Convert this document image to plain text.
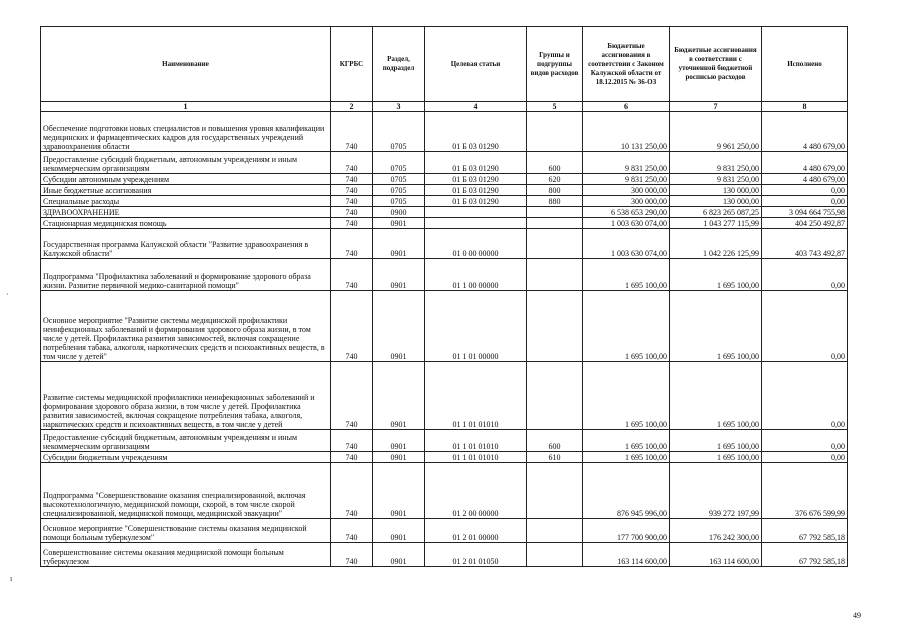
·
ı
Наименование	КГРБС	Раздел, подраздел	Целевая статьи	Группы и подгруппы видов расходов	Бюджетные ассигнования в соответствии с Законом Калужской области от 18.12.2015 № 36-ОЗ	Бюджетные ассигнования в соответствии с уточненной бюджетной росписью расходов	Исполнено
1	2	3	4	5	6	7	8
Обеспечение подготовки новых специалистов и повышения уровня квалификации медицинских и фармацевтических кадров для государственных учреждений здравоохранения области	740	0705	01 Б 03 01290		10 131 250,00	9 961 250,00	4 480 679,00
Предоставление субсидий бюджетным, автономным учреждениям и иным некоммерческим организациям	740	0705	01 Б 03 01290	600	9 831 250,00	9 831 250,00	4 480 679,00
Субсидии автономным учреждениям	740	0705	01 Б 03 01290	620	9 831 250,00	9 831 250,00	4 480 679,00
Иные бюджетные ассигнования	740	0705	01 Б 03 01290	800	300 000,00	130 000,00	0,00
Специальные расходы	740	0705	01 Б 03 01290	880	300 000,00	130 000,00	0,00
ЗДРАВООХРАНЕНИЕ	740	0900			6 538 653 290,00	6 823 265 087,25	3 094 664 755,98
Стационарная медицинская помощь	740	0901			1 003 630 074,00	1 043 277 115,99	404 250 492,87
Государственная программа Калужской области "Развитие здравоохранения в Калужской области"	740	0901	01 0 00 00000		1 003 630 074,00	1 042 226 125,99	403 743 492,87
Подпрограмма "Профилактика заболеваний и формирование здорового образа жизни. Развитие первичной медико-санитарной помощи"	740	0901	01 1 00 00000		1 695 100,00	1 695 100,00	0,00
Основное мероприятие "Развитие системы медицинской профилактики неинфекционных заболеваний и формирования здорового образа жизни, в том числе у детей. Профилактика развития зависимостей, включая сокращение потребления табака, алкоголя, наркотических средств и психоактивных веществ, в том числе у детей"	740	0901	01 1 01 00000		1 695 100,00	1 695 100,00	0,00
Развитие системы медицинской профилактики неинфекционных заболеваний и формирования здорового образа жизни, в том числе у детей. Профилактика развития зависимостей, включая сокращение потребления табака, алкоголя, наркотических средств и психоактивных веществ, в том числе у детей	740	0901	01 1 01 01010		1 695 100,00	1 695 100,00	0,00
Предоставление субсидий бюджетным, автономным учреждениям и иным некоммерческим организациям	740	0901	01 1 01 01010	600	1 695 100,00	1 695 100,00	0,00
Субсидии бюджетным учреждениям	740	0901	01 1 01 01010	610	1 695 100,00	1 695 100,00	0,00
Подпрограмма "Совершенствование оказания специализированной, включая высокотехнологичную, медицинской помощи, скорой, в том числе скорой специализированной, медицинской помощи, медицинской эвакуации"	740	0901	01 2 00 00000		876 945 996,00	939 272 197,99	376 676 599,99
Основное мероприятие "Совершенствование системы оказания медицинской помощи больным туберкулезом"	740	0901	01 2 01 00000		177 700 900,00	176 242 300,00	67 792 585,18
Совершенствование системы оказания медицинской помощи больным туберкулезом	740	0901	01 2 01 01050		163 114 600,00	163 114 600,00	67 792 585,18
49
